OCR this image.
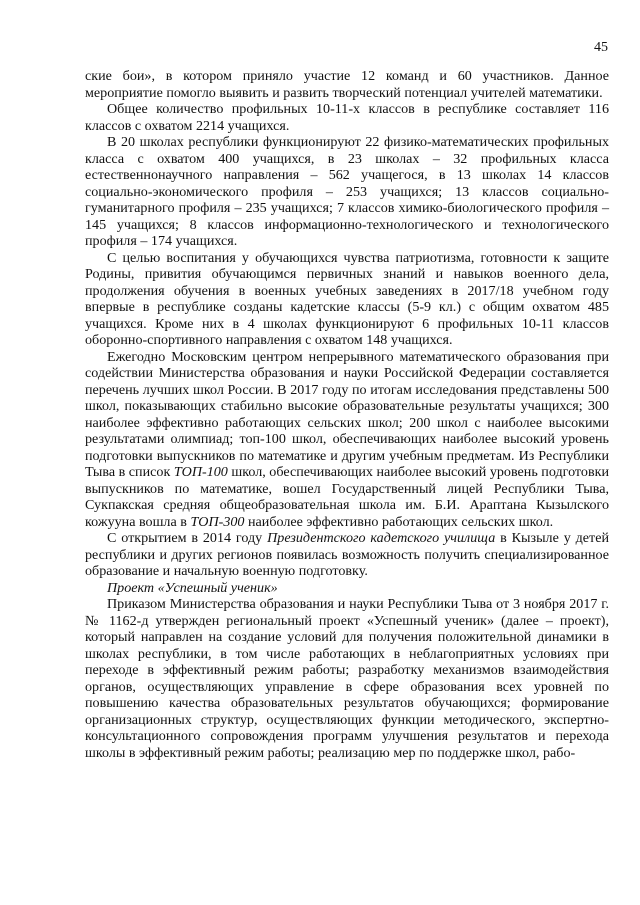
45

ские бои», в котором приняло участие 12 команд и 60 участников. Данное мероприятие помогло выявить и развить творческий потенциал учителей математики.

Общее количество профильных 10-11-х классов в республике составляет 116 классов с охватом 2214 учащихся.

В 20 школах республики функционируют 22 физико-математических профильных класса с охватом 400 учащихся, в 23 школах – 32 профильных класса естественнонаучного направления – 562 учащегося, в 13 школах 14 классов социально-экономического профиля – 253 учащихся; 13 классов социально-гуманитарного профиля – 235 учащихся; 7 классов химико-биологического профиля – 145 учащихся; 8 классов информационно-технологического и технологического профиля – 174 учащихся.

С целью воспитания у обучающихся чувства патриотизма, готовности к защите Родины, привития обучающимся первичных знаний и навыков военного дела, продолжения обучения в военных учебных заведениях в 2017/18 учебном году впервые в республике созданы кадетские классы (5-9 кл.) с общим охватом 485 учащихся. Кроме них в 4 школах функционируют 6 профильных 10-11 классов оборонно-спортивного направления с охватом 148 учащихся.

Ежегодно Московским центром непрерывного математического образования при содействии Министерства образования и науки Российской Федерации составляется перечень лучших школ России. В 2017 году по итогам исследования представлены 500 школ, показывающих стабильно высокие образовательные результаты учащихся; 300 наиболее эффективно работающих сельских школ; 200 школ с наиболее высокими результатами олимпиад; топ-100 школ, обеспечивающих наиболее высокий уровень подготовки выпускников по математике и другим учебным предметам. Из Республики Тыва в список ТОП-100 школ, обеспечивающих наиболее высокий уровень подготовки выпускников по математике, вошел Государственный лицей Республики Тыва, Сукпакская средняя общеобразовательная школа им. Б.И. Арaптана Кызылского кожууна вошла в ТОП-300 наиболее эффективно работающих сельских школ.

С открытием в 2014 году Президентского кадетского училища в Кызыле у детей республики и других регионов появилась возможность получить специализированное образование и начальную военную подготовку.

Проект «Успешный ученик»

Приказом Министерства образования и науки Республики Тыва от 3 ноября 2017 г. № 1162-д утвержден региональный проект «Успешный ученик» (далее – проект), который направлен на создание условий для получения положительной динамики в школах республики, в том числе работающих в неблагоприятных условиях при переходе в эффективный режим работы; разработку механизмов взаимодействия органов, осуществляющих управление в сфере образования всех уровней по повышению качества образовательных результатов обучающихся; формирование организационных структур, осуществляющих функции методического, экспертно-консультационного сопровождения программ улучшения результатов и перехода школы в эффективный режим работы; реализацию мер по поддержке школ, рабо-
